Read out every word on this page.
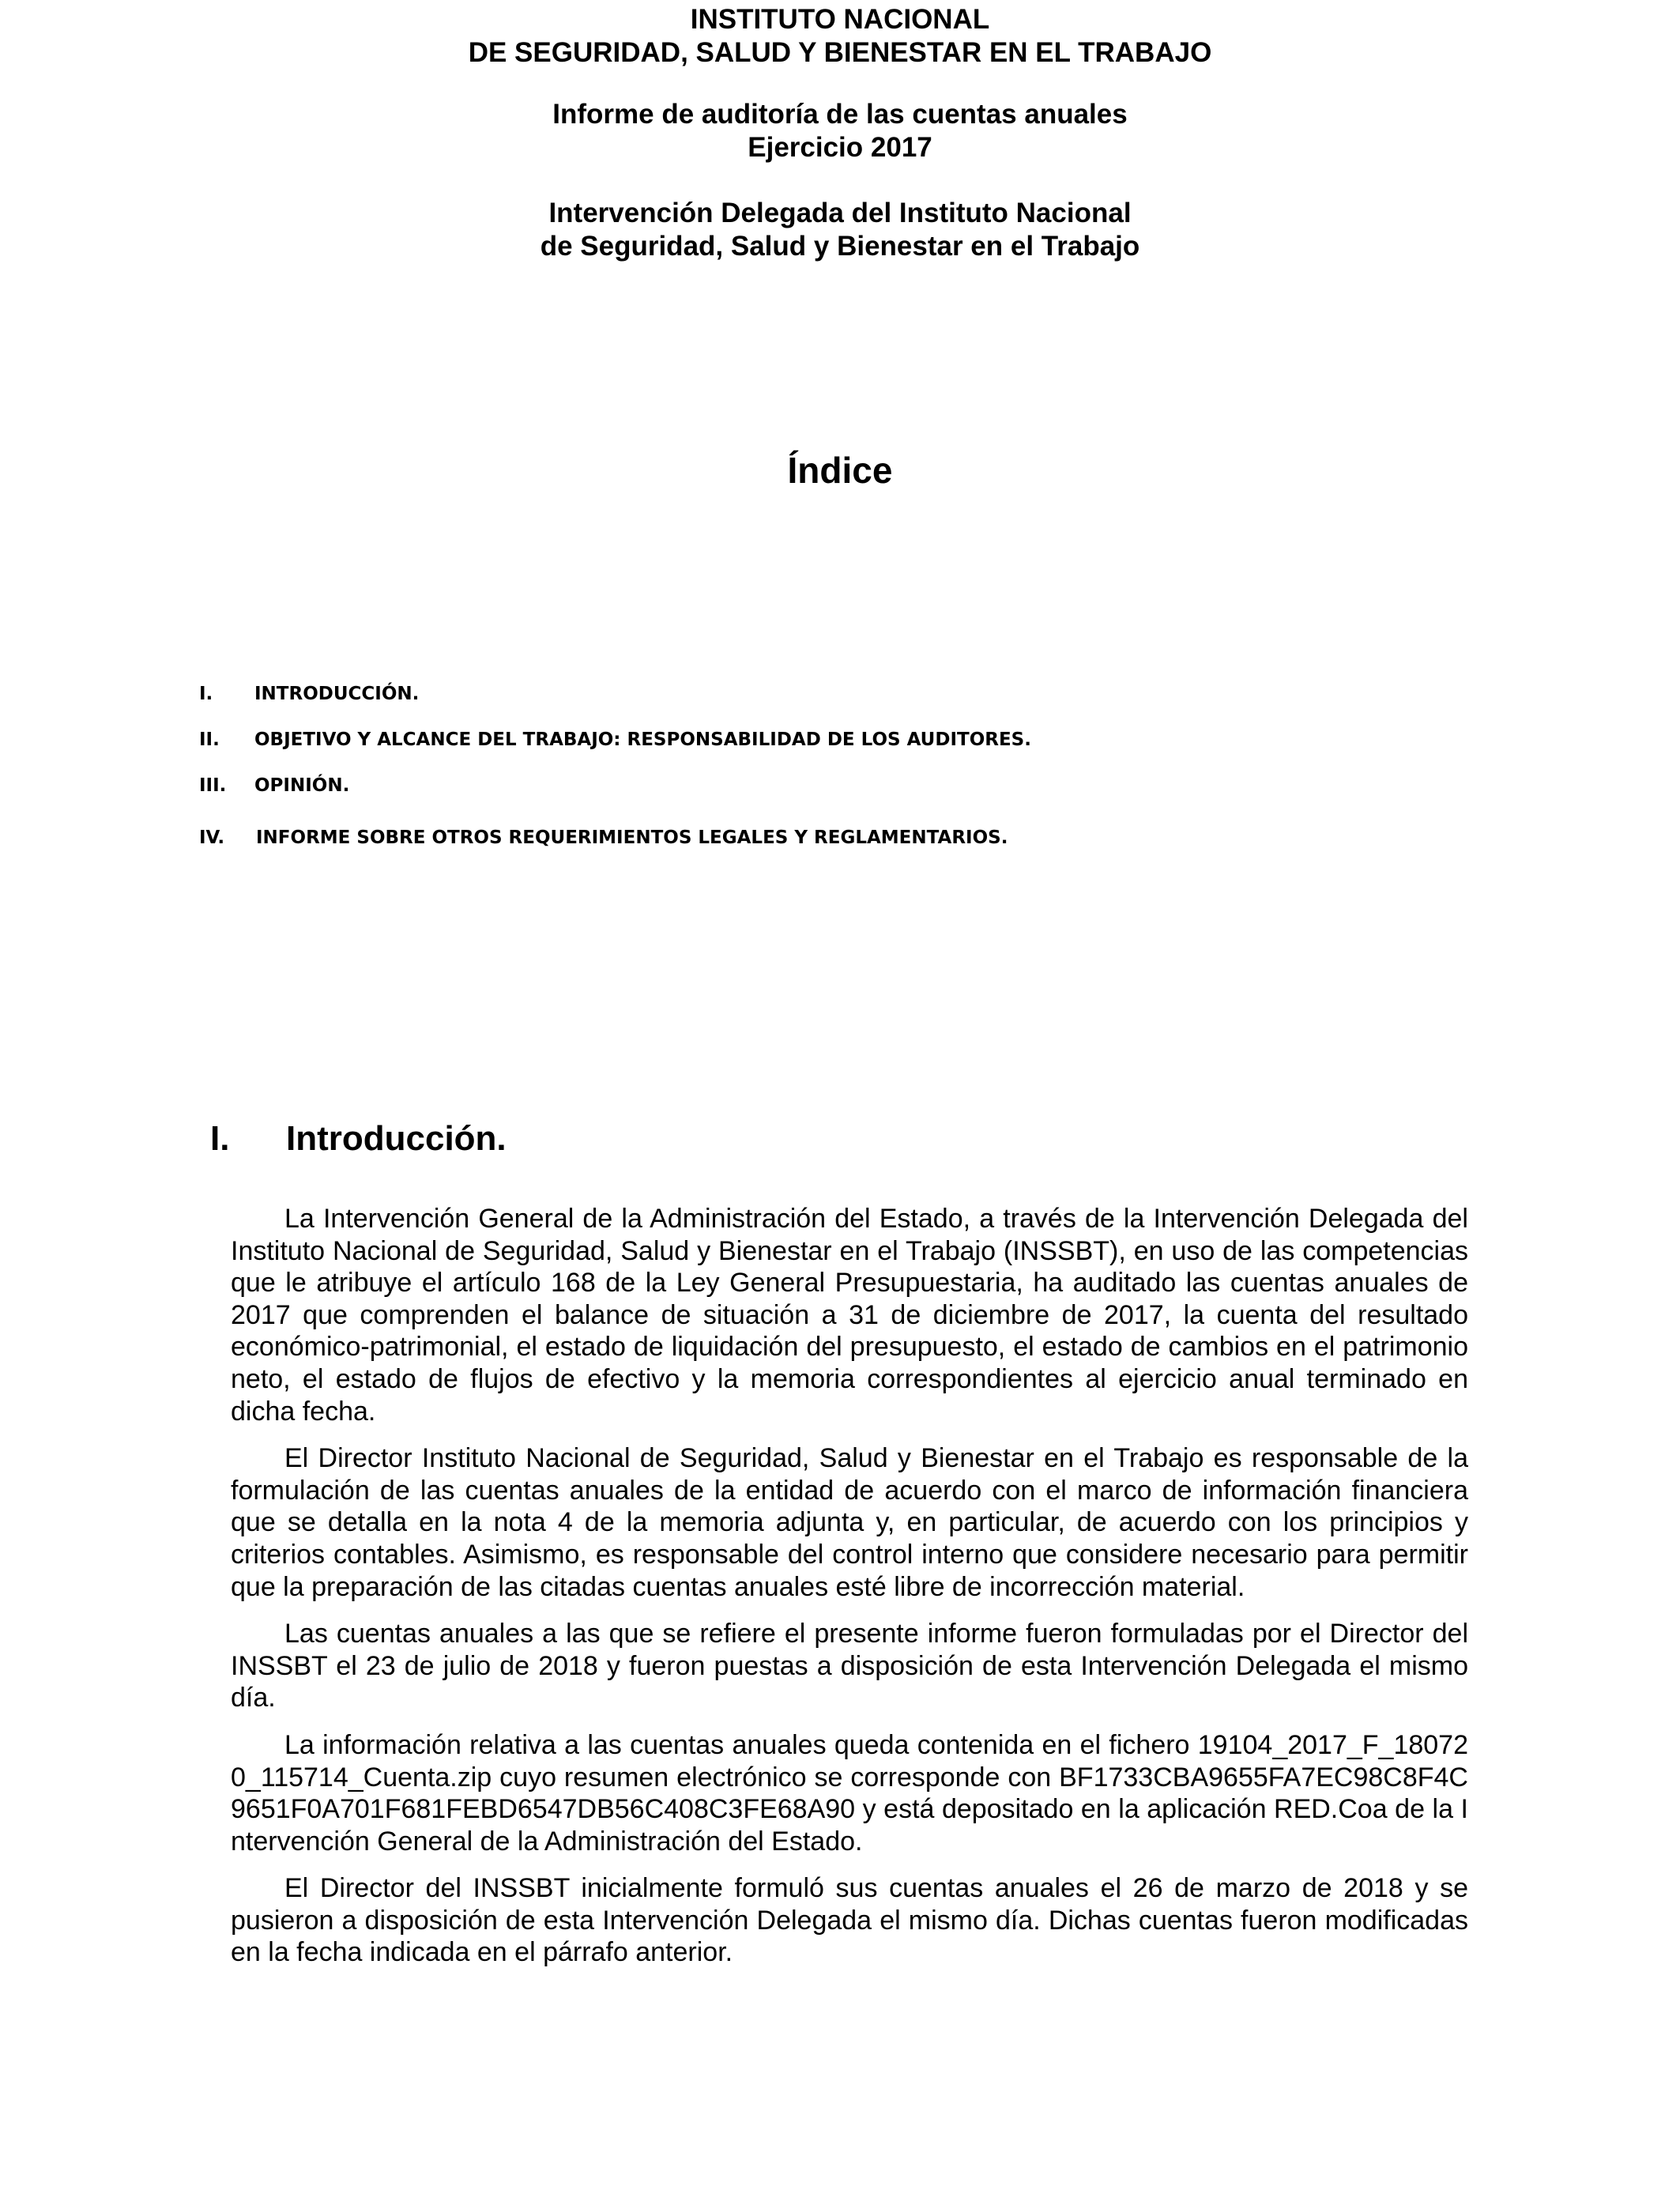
INSTITUTO NACIONAL
DE SEGURIDAD, SALUD Y BIENESTAR EN EL TRABAJO
Informe de auditoría de las cuentas anuales
Ejercicio 2017
Intervención Delegada del Instituto Nacional
de Seguridad, Salud y Bienestar en el Trabajo
Índice
I. INTRODUCCIÓN.
II. OBJETIVO Y ALCANCE DEL TRABAJO: RESPONSABILIDAD DE LOS AUDITORES.
III. OPINIÓN.
IV. INFORME SOBRE OTROS REQUERIMIENTOS LEGALES Y REGLAMENTARIOS.
I. Introducción.

La Intervención General de la Administración del Estado, a través de la Intervención Delegada del Instituto Nacional de Seguridad, Salud y Bienestar en el Trabajo (INSSBT), en uso de las competencias que le atribuye el artículo 168 de la Ley General Presupuestaria, ha auditado las cuentas anuales de 2017 que comprenden el balance de situación a 31 de diciembre de 2017, la cuenta del resultado económico-patrimonial, el estado de liquidación del presupuesto, el estado de cambios en el patrimonio neto, el estado de flujos de efectivo y la memoria correspondientes al ejercicio anual terminado en dicha fecha.

El Director Instituto Nacional de Seguridad, Salud y Bienestar en el Trabajo es responsable de la formulación de las cuentas anuales de la entidad de acuerdo con el marco de información financiera que se detalla en la nota 4 de la memoria adjunta y, en particular, de acuerdo con los principios y criterios contables. Asimismo, es responsable del control interno que considere necesario para permitir que la preparación de las citadas cuentas anuales esté libre de incorrección material.

Las cuentas anuales a las que se refiere el presente informe fueron formuladas por el Director del INSSBT el 23 de julio de 2018 y fueron puestas a disposición de esta Intervención Delegada el mismo día.

La información relativa a las cuentas anuales queda contenida en el fichero 19104_2017_F_180720_115714_Cuenta.zip cuyo resumen electrónico se corresponde con BF1733CBA9655FA7EC98C8F4C9651F0A701F681FEBD6547DB56C408C3FE68A90 y está depositado en la aplicación RED.Coa de la Intervención General de la Administración del Estado.

El Director del INSSBT inicialmente formuló sus cuentas anuales el 26 de marzo de 2018 y se pusieron a disposición de esta Intervención Delegada el mismo día. Dichas cuentas fueron modificadas en la fecha indicada en el párrafo anterior.
